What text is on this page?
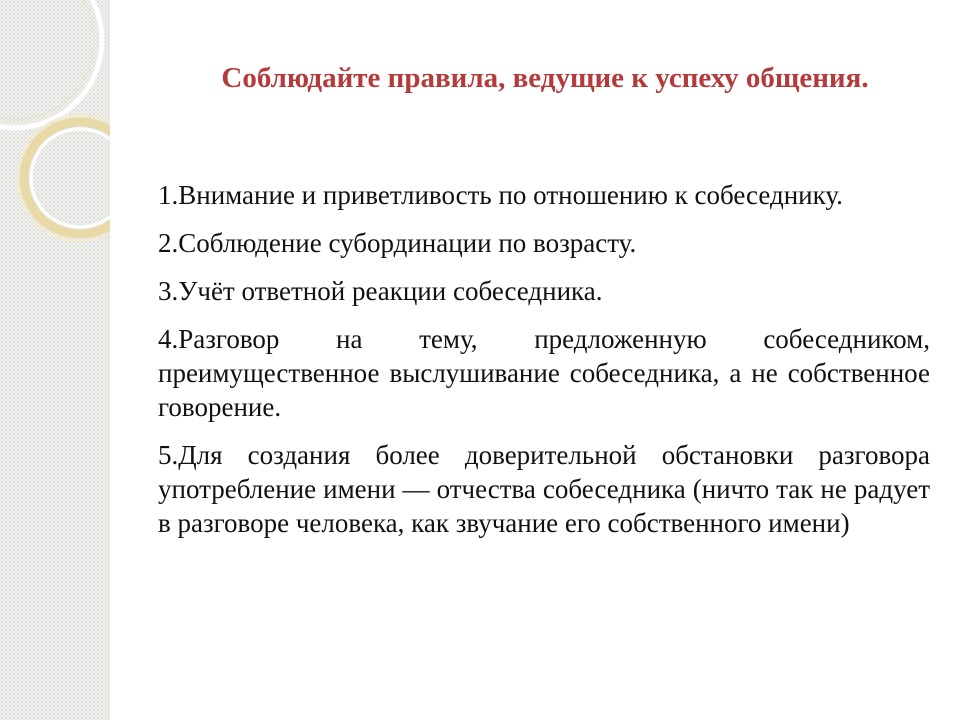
Соблюдайте правила, ведущие к успеху общения.

1.Внимание и приветливость по отношению к собеседнику.

2.Соблюдение субординации по возрасту.

3.Учёт ответной реакции собеседника.

4.Разговор на тему, предложенную собеседником, преимущественное выслушивание собеседника, а не собственное говорение.

5.Для создания более доверительной обстановки разговора употребление имени — отчества собеседника (ничто так не радует в разговоре человека, как звучание его собственного имени)
